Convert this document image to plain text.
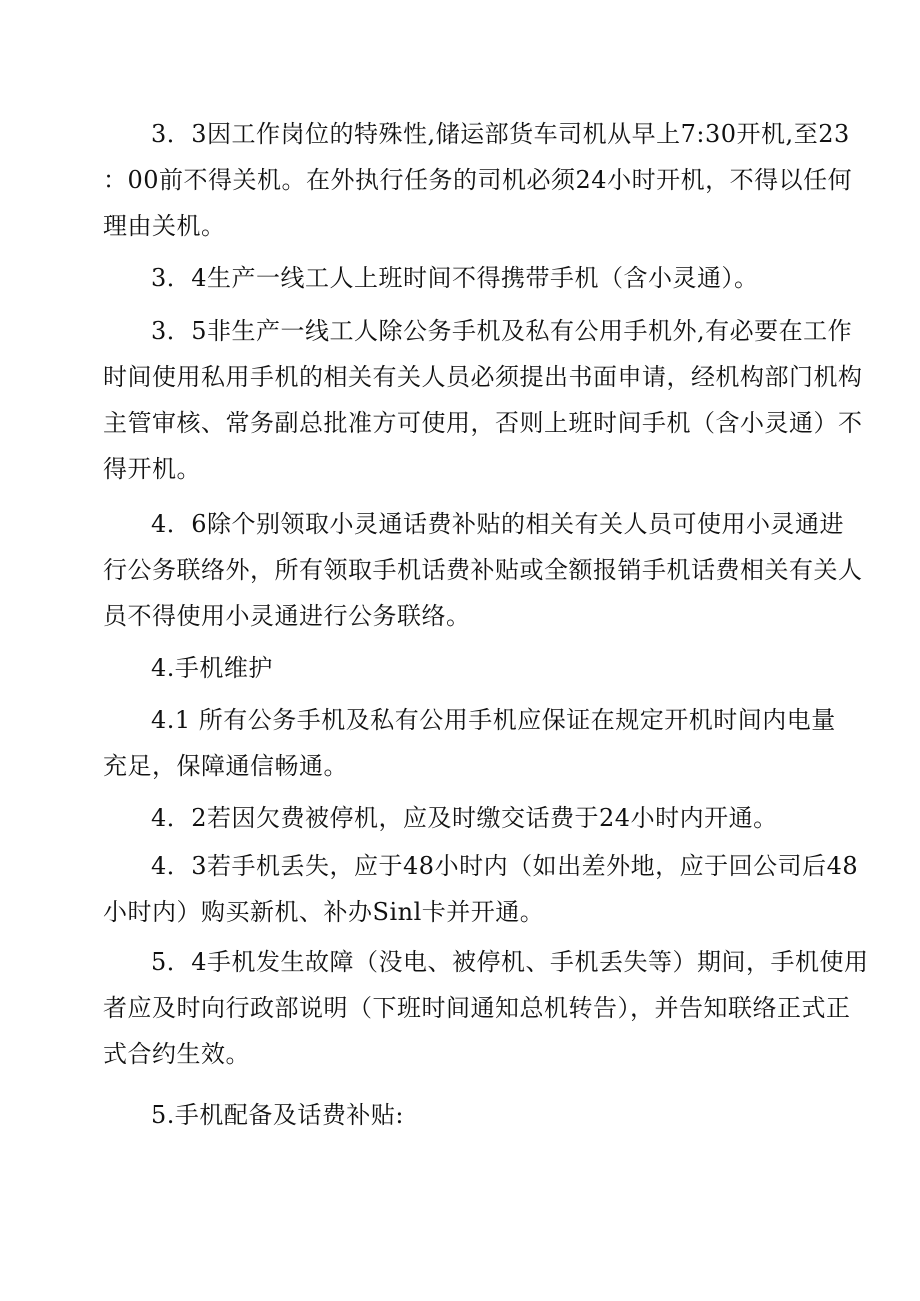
3．3因工作岗位的特殊性,储运部货车司机从早上7:30开机,至23
：00前不得关机。在外执行任务的司机必须24小时开机，不得以任何
理由关机。
3．4生产一线工人上班时间不得携带手机（含小灵通）。
3．5非生产一线工人除公务手机及私有公用手机外,有必要在工作
时间使用私用手机的相关有关人员必须提出书面申请，经机构部门机构
主管审核、常务副总批准方可使用，否则上班时间手机（含小灵通）不
得开机。
4．6除个别领取小灵通话费补贴的相关有关人员可使用小灵通进
行公务联络外，所有领取手机话费补贴或全额报销手机话费相关有关人
员不得使用小灵通进行公务联络。
4.手机维护
4.1 所有公务手机及私有公用手机应保证在规定开机时间内电量
充足，保障通信畅通。
4．2若因欠费被停机，应及时缴交话费于24小时内开通。
4．3若手机丢失，应于48小时内（如出差外地，应于回公司后48
小时内）购买新机、补办Sinl卡并开通。
5．4手机发生故障（没电、被停机、手机丢失等）期间，手机使用
者应及时向行政部说明（下班时间通知总机转告），并告知联络正式正
式合约生效。
5.手机配备及话费补贴:
